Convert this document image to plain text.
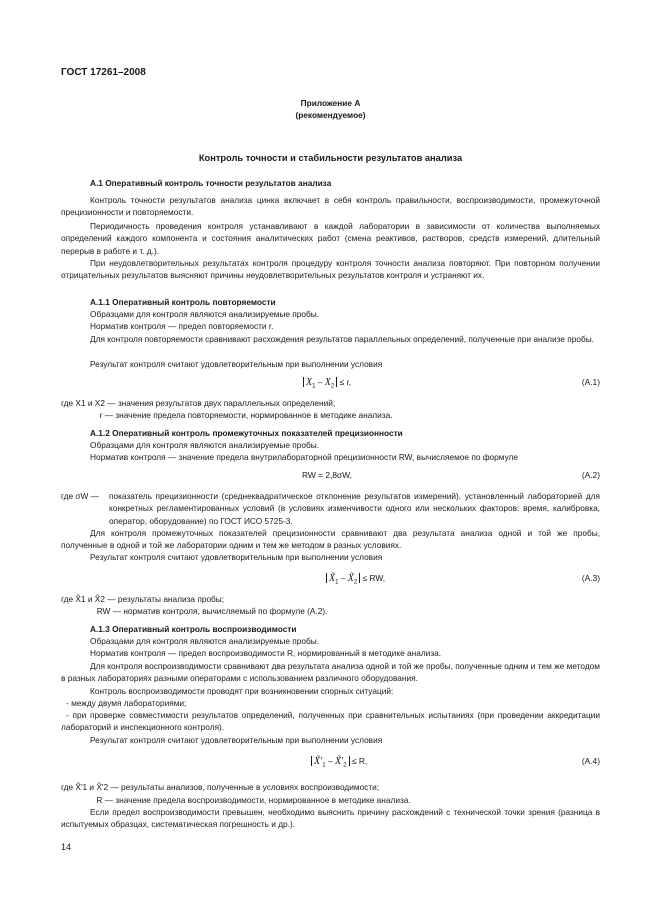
ГОСТ 17261–2008
Приложение А
(рекомендуемое)
Контроль точности и стабильности результатов анализа
А.1 Оперативный контроль точности результатов анализа
Контроль точности результатов анализа цинка включает в себя контроль правильности, воспроизводимости, промежуточной прецизионности и повторяемости.
Периодичность проведения контроля устанавливают в каждой лаборатории в зависимости от количества выполняемых определений каждого компонента и состояния аналитических работ (смена реактивов, растворов, средств измерений, длительный перерыв в работе и т. д.).
При неудовлетворительных результатах контроля процедуру контроля точности анализа повторяют. При повторном получении отрицательных результатов выясняют причины неудовлетворительных результатов контроля и устраняют их.
А.1.1 Оперативный контроль повторяемости
Образцами для контроля являются анализируемые пробы.
Норматив контроля — предел повторяемости r.
Для контроля повторяемости сравнивают расхождения результатов параллельных определений, полученные при анализе пробы.
Результат контроля считают удовлетворительным при выполнении условия
$X_1 - X_2 \le r$,	(А.1)
где X1 и X2 — значения результатов двух параллельных определений;
r — значение предела повторяемости, нормированное в методике анализа.
А.1.2 Оперативный контроль промежуточных показателей прецизионности
Образцами для контроля являются анализируемые пробы.
Норматив контроля — значение предела внутрилабораторной прецизионности RW, вычисляемое по формуле
RW = 2,8σW,	(А.2)
где σW — показатель прецизионности (среднеквадратическое отклонение результатов измерений), установленный лабораторией для конкретных регламентированных условий (в условиях изменчивости одного или нескольких факторов: время, калибровка, оператор, оборудование) по ГОСТ ИСО 5725-3.
Для контроля промежуточных показателей прецизионности сравнивают два результата анализа одной и той же пробы, полученные в одной и той же лаборатории одним и тем же методом в разных условиях.
Результат контроля считают удовлетворительным при выполнении условия
$X̃_1$ – $X̃_2$ ≤ RW,	(А.3)
где X̃1 и X̃2 — результаты анализа пробы;
RW — норматив контроля, вычисляемый по формуле (А.2).
А.1.3 Оперативный контроль воспроизводимости
Образцами для контроля являются анализируемые пробы.
Норматив контроля — предел воспроизводимости R, нормированный в методике анализа.
Для контроля воспроизводимости сравнивают два результата анализа одной и той же пробы, полученные одним и тем же методом в разных лабораториях разными операторами с использованием различного оборудования.
Контроль воспроизводимости проводят при возникновении спорных ситуаций:
- между двумя лабораториями;
- при проверке совместимости результатов определений, полученных при сравнительных испытаниях (при проведении аккредитации лабораторий и инспекционного контроля).
Результат контроля считают удовлетворительным при выполнении условия
$X̃'_1$ – $X̃'_2 \le R$,	(А.4)
где X̃′1 и X̃′2 — результаты анализов, полученные в условиях воспроизводимости;
R — значение предела воспроизводимости, нормированное в методике анализа.
Если предел воспроизводимости превышен, необходимо выяснить причину расхождений с технической точки зрения (разница в испытуемых образцах, систематическая погрешность и др.).
14
